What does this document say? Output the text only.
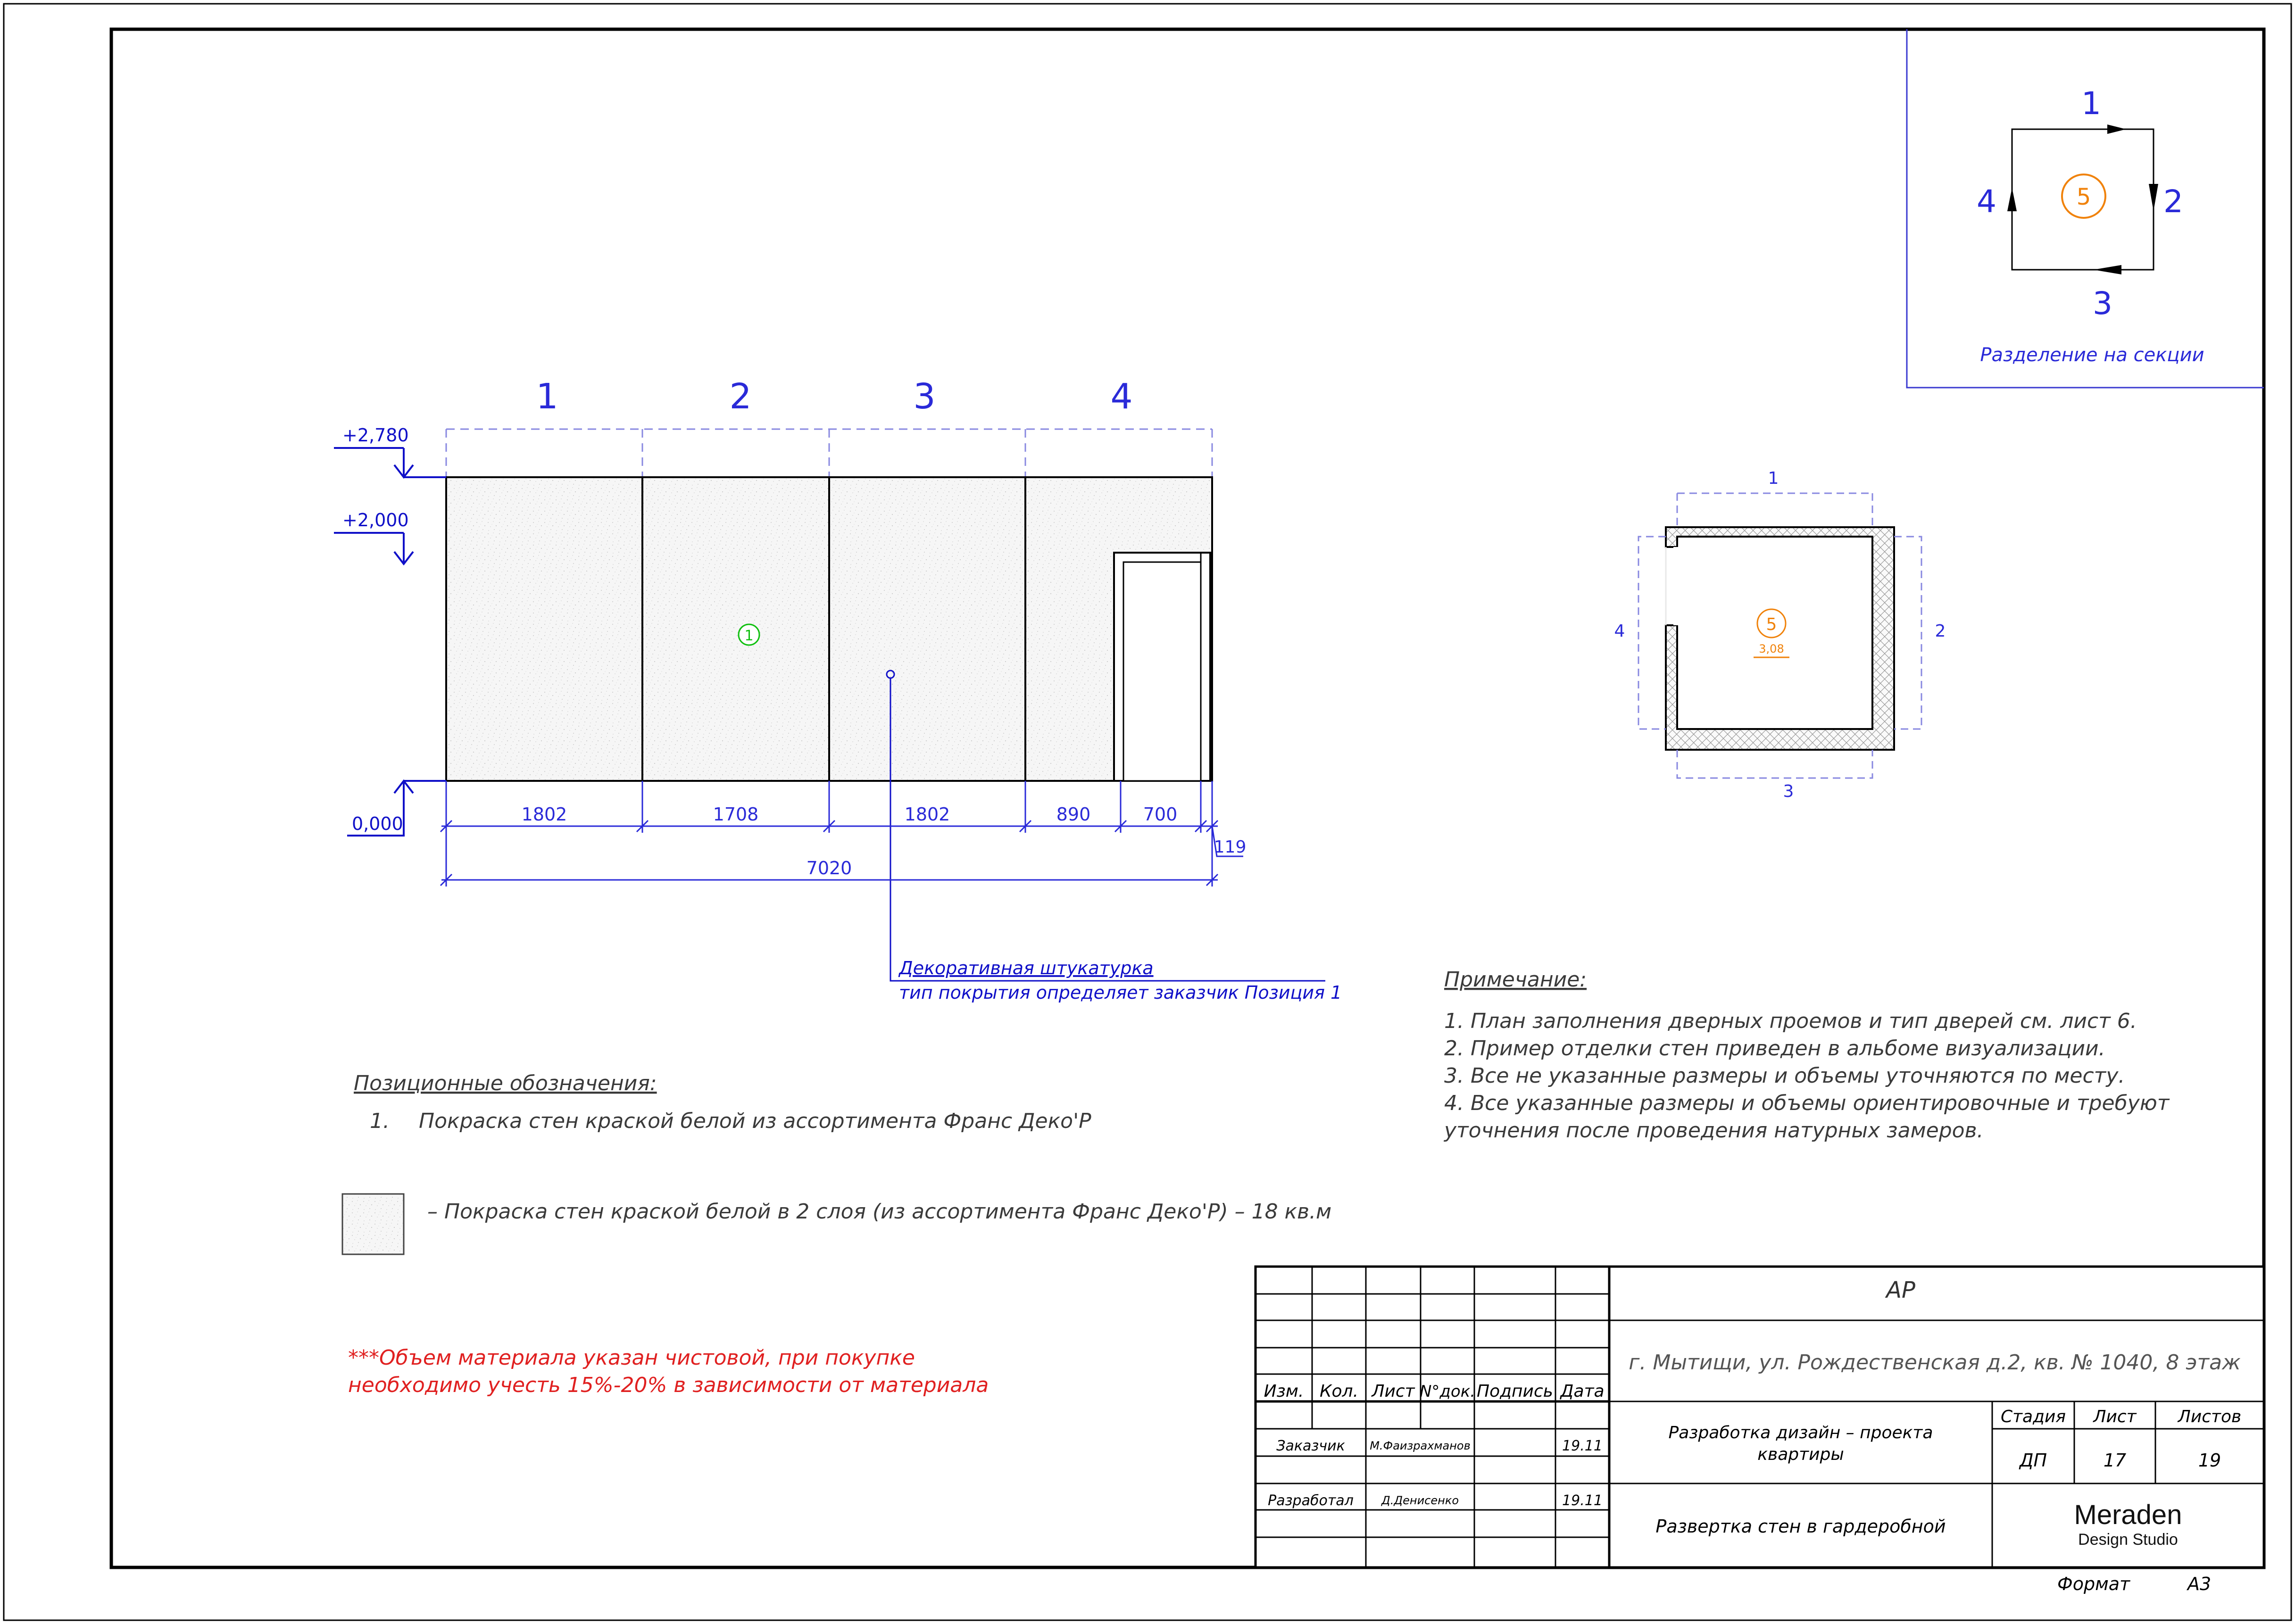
1
2
3
4	5
Разделение на секции
1	2	3	4
1
Декоративная штукатурка
тип покрытия определяет заказчик Позиция 1
+2,780
+2,000
0,000	1802	1708	1802	890	700
119
7020
1
2
3
4	5
3,08
Позиционные обозначения:
1. Покраска стен краской белой из ассортимента Франс Деко'Р
– Покраска стен краской белой в 2 слоя (из ассортимента Франс Деко'Р) – 18 кв.м
***Объем материала указан чистовой, при покупке
необходимо учесть 15%-20% в зависимости от материала
Примечание:
1. План заполнения дверных проемов и тип дверей см. лист 6.
2. Пример отделки стен приведен в альбоме визуализации.
3. Все не указанные размеры и объемы уточняются по месту.
4. Все указанные размеры и объемы ориентировочные и требуют
уточнения после проведения натурных замеров.
Изм. Кол. Лист N°док. Подпись Дата
Заказчик М.Фаизрахманов	19.11
Разработал Д.Денисенко	19.11
АР
г. Мытищи, ул. Рождественская д.2, кв. № 1040, 8 этаж
Разработка дизайн – проекта
квартиры
Стадия Лист Листов
ДП	17	19
Развертка стен в гардеробной	Meraden
Design Studio
Формат	А3
